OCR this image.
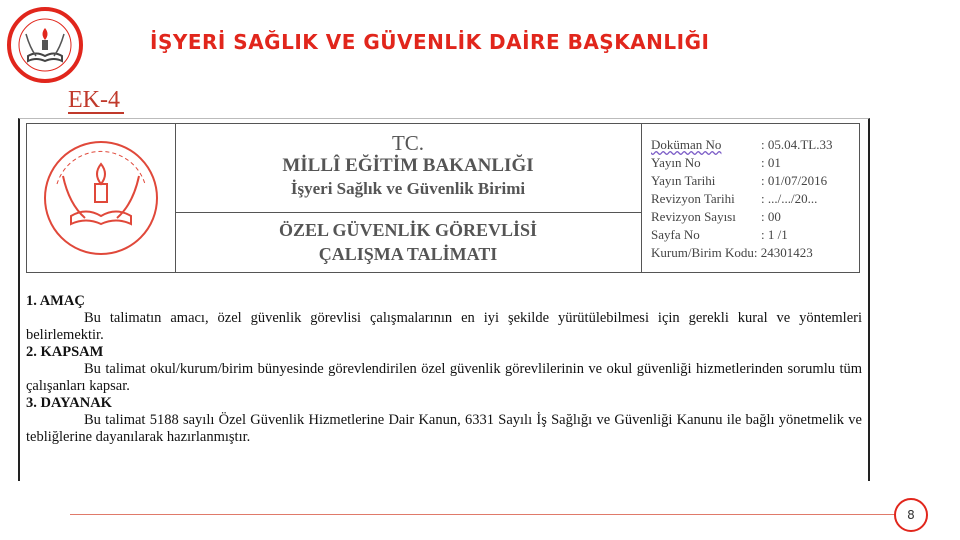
İŞYERİ SAĞLIK VE GÜVENLİK DAİRE BAŞKANLIĞI
EK-4
TC.
MİLLÎ EĞİTİM BAKANLIĞI
İşyeri Sağlık ve Güvenlik Birimi
ÖZEL GÜVENLİK GÖREVLİSİ
ÇALIŞMA TALİMATI
Doküman No	: 05.04.TL.33
Yayın No	: 01
Yayın Tarihi	: 01/07/2016
Revizyon Tarihi : .../.../20...
Revizyon Sayısı : 00
Sayfa No	: 1 /1
Kurum/Birim Kodu: 24301423
1. AMAÇ
Bu talimatın amacı, özel güvenlik görevlisi çalışmalarının en iyi şekilde yürütülebilmesi için gerekli kural ve yöntemleri belirlemektir.
2. KAPSAM
Bu talimat okul/kurum/birim bünyesinde görevlendirilen özel güvenlik görevlilerinin ve okul güvenliği hizmetlerinden sorumlu tüm çalışanları kapsar.
3. DAYANAK
Bu talimat 5188 sayılı Özel Güvenlik Hizmetlerine Dair Kanun, 6331 Sayılı İş Sağlığı ve Güvenliği Kanunu ile bağlı yönetmelik ve tebliğlerine dayanılarak hazırlanmıştır.
8
